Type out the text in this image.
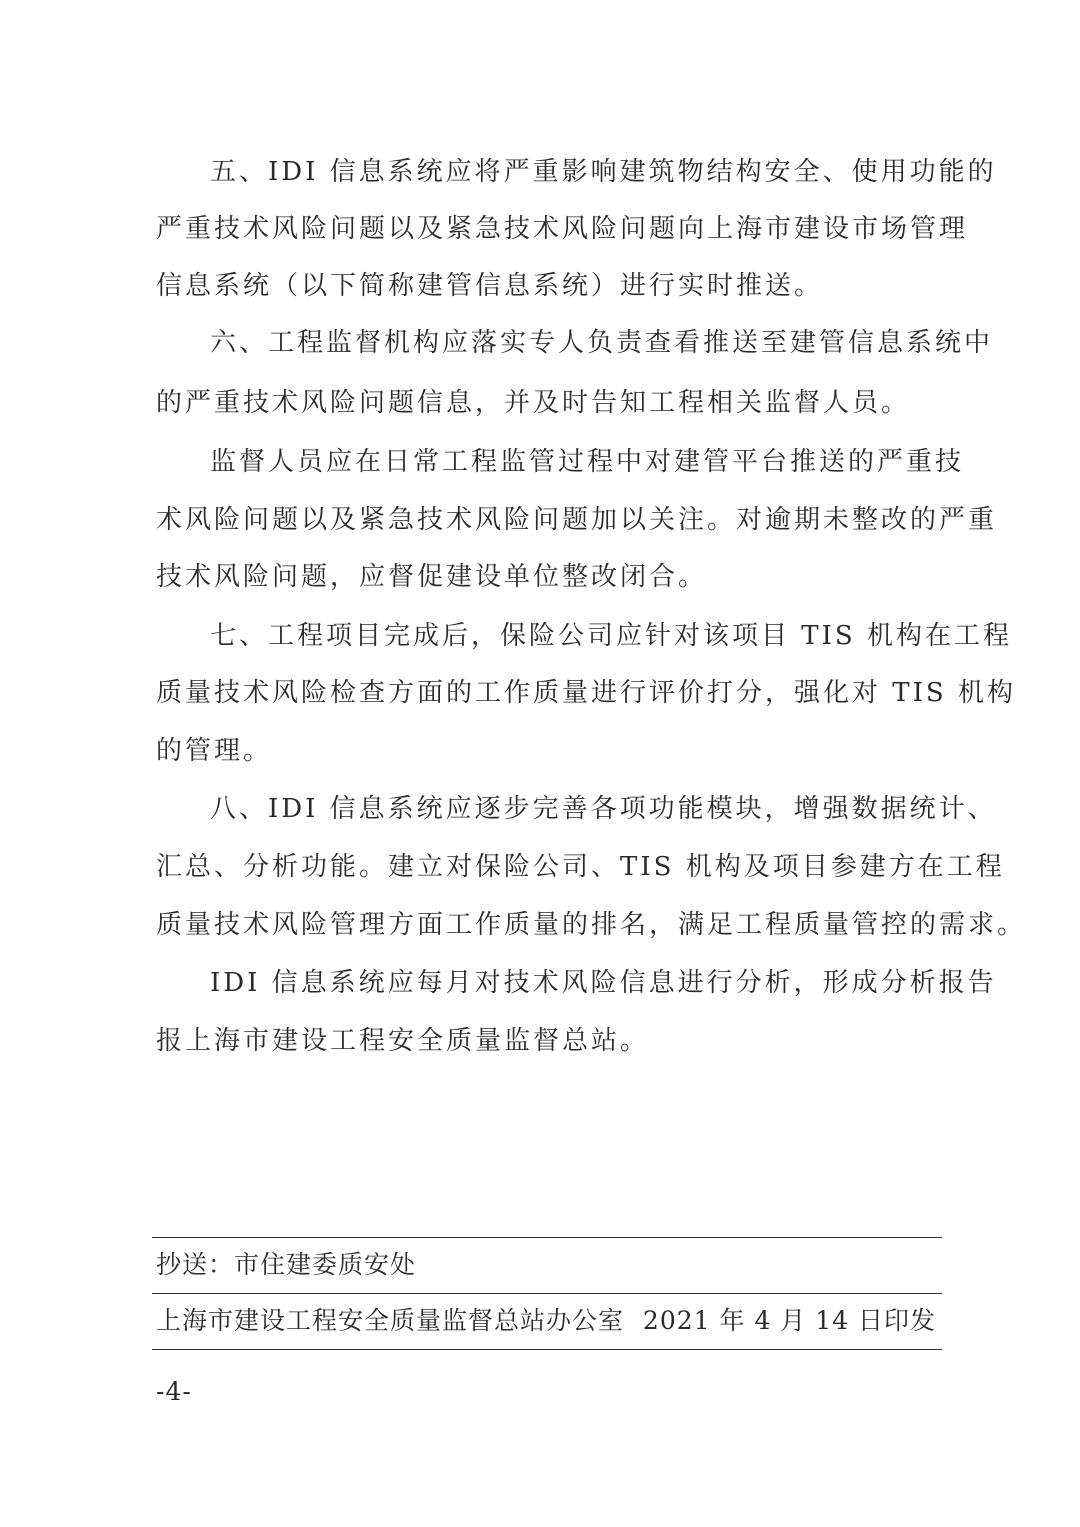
五、IDI 信息系统应将严重影响建筑物结构安全、使用功能的
严重技术风险问题以及紧急技术风险问题向上海市建设市场管理
信息系统（以下简称建管信息系统）进行实时推送。
六、工程监督机构应落实专人负责查看推送至建管信息系统中
的严重技术风险问题信息，并及时告知工程相关监督人员。
监督人员应在日常工程监管过程中对建管平台推送的严重技
术风险问题以及紧急技术风险问题加以关注。对逾期未整改的严重
技术风险问题，应督促建设单位整改闭合。
七、工程项目完成后，保险公司应针对该项目 TIS 机构在工程
质量技术风险检查方面的工作质量进行评价打分，强化对 TIS 机构
的管理。
八、IDI 信息系统应逐步完善各项功能模块，增强数据统计、
汇总、分析功能。建立对保险公司、TIS 机构及项目参建方在工程
质量技术风险管理方面工作质量的排名，满足工程质量管控的需求。
IDI 信息系统应每月对技术风险信息进行分析，形成分析报告
报上海市建设工程安全质量监督总站。
抄送：市住建委质安处
上海市建设工程安全质量监督总站办公室 2021 年 4 月 14 日印发
-4-
